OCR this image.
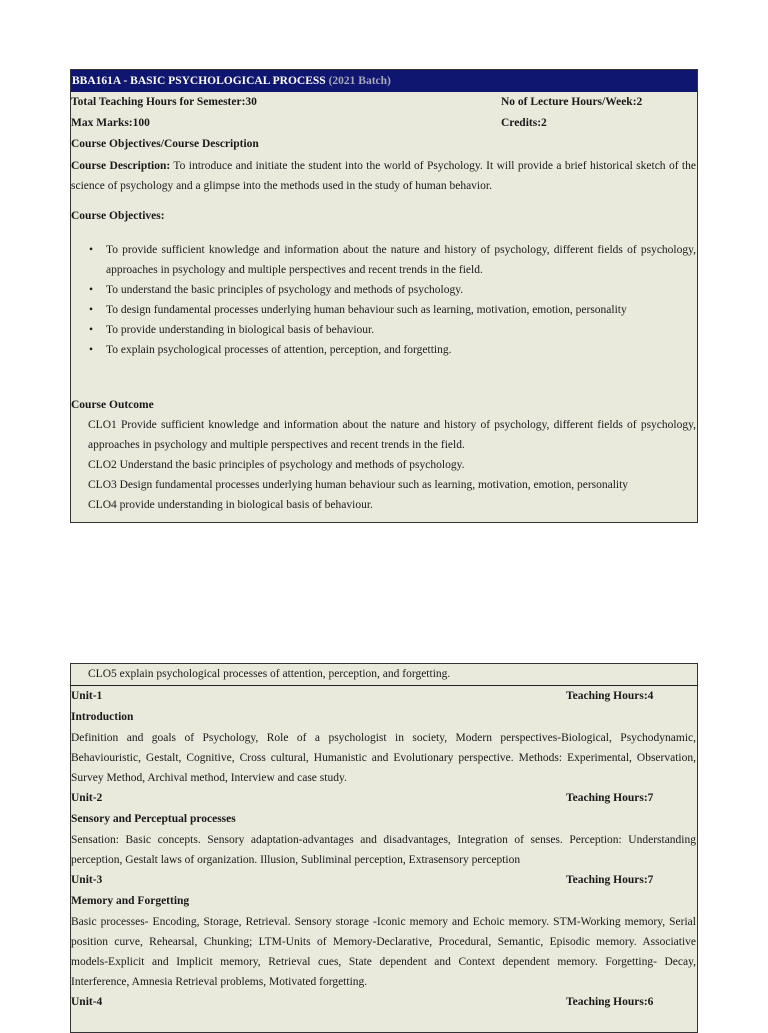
BBA161A - BASIC PSYCHOLOGICAL PROCESS (2021 Batch)
Total Teaching Hours for Semester:30	No of Lecture Hours/Week:2
Max Marks:100	Credits:2
Course Objectives/Course Description
Course Description: To introduce and initiate the student into the world of Psychology. It will provide a brief historical sketch of the science of psychology and a glimpse into the methods used in the study of human behavior.
Course Objectives:
• To provide sufficient knowledge and information about the nature and history of psychology, different fields of psychology, approaches in psychology and multiple perspectives and recent trends in the field.
• To understand the basic principles of psychology and methods of psychology.
• To design fundamental processes underlying human behaviour such as learning, motivation, emotion, personality
• To provide understanding in biological basis of behaviour.
• To explain psychological processes of attention, perception, and forgetting.
Course Outcome
CLO1 Provide sufficient knowledge and information about the nature and history of psychology, different fields of psychology, approaches in psychology and multiple perspectives and recent trends in the field.
CLO2 Understand the basic principles of psychology and methods of psychology.
CLO3 Design fundamental processes underlying human behaviour such as learning, motivation, emotion, personality
CLO4 provide understanding in biological basis of behaviour.
CLO5 explain psychological processes of attention, perception, and forgetting.
Unit-1	Teaching Hours:4
Introduction
Definition and goals of Psychology, Role of a psychologist in society, Modern perspectives-Biological, Psychodynamic, Behaviouristic, Gestalt, Cognitive, Cross cultural, Humanistic and Evolutionary perspective. Methods: Experimental, Observation, Survey Method, Archival method, Interview and case study.
Unit-2	Teaching Hours:7
Sensory and Perceptual processes
Sensation: Basic concepts. Sensory adaptation-advantages and disadvantages, Integration of senses. Perception: Understanding perception, Gestalt laws of organization. Illusion, Subliminal perception, Extrasensory perception
Unit-3	Teaching Hours:7
Memory and Forgetting
Basic processes- Encoding, Storage, Retrieval. Sensory storage -Iconic memory and Echoic memory. STM-Working memory, Serial position curve, Rehearsal, Chunking; LTM-Units of Memory-Declarative, Procedural, Semantic, Episodic memory. Associative models-Explicit and Implicit memory, Retrieval cues, State dependent and Context dependent memory. Forgetting- Decay, Interference, Amnesia Retrieval problems, Motivated forgetting.
Unit-4	Teaching Hours:6
